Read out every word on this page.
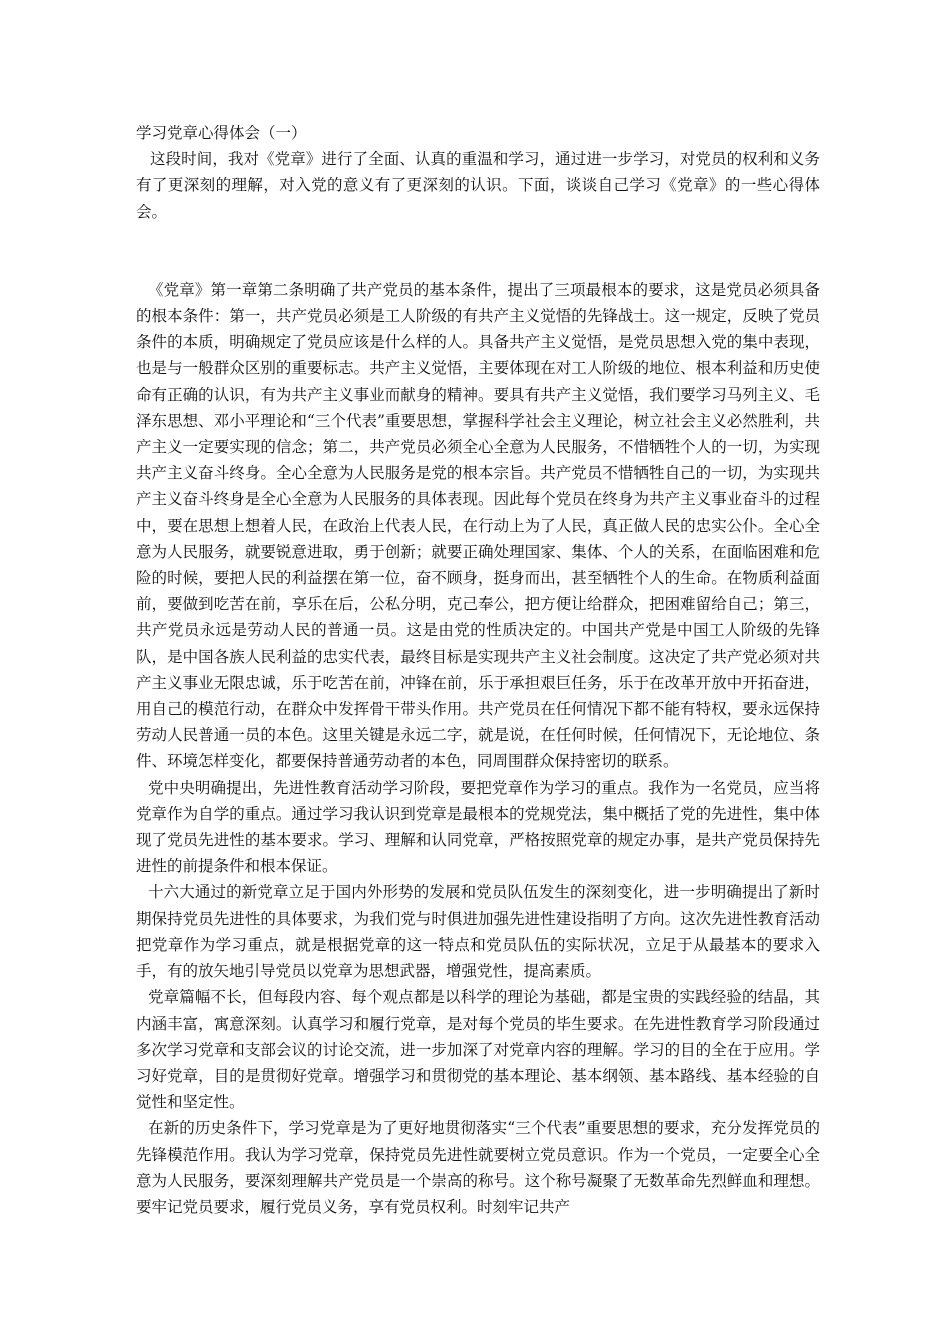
学习党章心得体会（一）

这段时间，我对《党章》进行了全面、认真的重温和学习，通过进一步学习，对党员的权利和义务有了更深刻的理解，对入党的意义有了更深刻的认识。下面，谈谈自己学习《党章》的一些心得体会。

《党章》第一章第二条明确了共产党员的基本条件，提出了三项最根本的要求，这是党员必须具备的根本条件：第一，共产党员必须是工人阶级的有共产主义觉悟的先锋战士。这一规定，反映了党员条件的本质，明确规定了党员应该是什么样的人。具备共产主义觉悟，是党员思想入党的集中表现，也是与一般群众区别的重要标志。共产主义觉悟，主要体现在对工人阶级的地位、根本利益和历史使命有正确的认识，有为共产主义事业而献身的精神。要具有共产主义觉悟，我们要学习马列主义、毛泽东思想、邓小平理论和“三个代表”重要思想，掌握科学社会主义理论，树立社会主义必然胜利，共产主义一定要实现的信念；第二，共产党员必须全心全意为人民服务，不惜牺牲个人的一切，为实现共产主义奋斗终身。全心全意为人民服务是党的根本宗旨。共产党员不惜牺牲自己的一切，为实现共产主义奋斗终身是全心全意为人民服务的具体表现。因此每个党员在终身为共产主义事业奋斗的过程中，要在思想上想着人民，在政治上代表人民，在行动上为了人民，真正做人民的忠实公仆。全心全意为人民服务，就要锐意进取，勇于创新；就要正确处理国家、集体、个人的关系，在面临困难和危险的时候，要把人民的利益摆在第一位，奋不顾身，挺身而出，甚至牺牲个人的生命。在物质利益面前，要做到吃苦在前，享乐在后，公私分明，克己奉公，把方便让给群众，把困难留给自己；第三，共产党员永远是劳动人民的普通一员。这是由党的性质决定的。中国共产党是中国工人阶级的先锋队，是中国各族人民利益的忠实代表，最终目标是实现共产主义社会制度。这决定了共产党必须对共产主义事业无限忠诚，乐于吃苦在前，冲锋在前，乐于承担艰巨任务，乐于在改革开放中开拓奋进，用自己的模范行动，在群众中发挥骨干带头作用。共产党员在任何情况下都不能有特权，要永远保持劳动人民普通一员的本色。这里关键是永远二字，就是说，在任何时候，任何情况下，无论地位、条件、环境怎样变化，都要保持普通劳动者的本色，同周围群众保持密切的联系。

党中央明确提出，先进性教育活动学习阶段，要把党章作为学习的重点。我作为一名党员，应当将党章作为自学的重点。通过学习我认识到党章是最根本的党规党法，集中概括了党的先进性，集中体现了党员先进性的基本要求。学习、理解和认同党章，严格按照党章的规定办事，是共产党员保持先进性的前提条件和根本保证。

十六大通过的新党章立足于国内外形势的发展和党员队伍发生的深刻变化，进一步明确提出了新时期保持党员先进性的具体要求，为我们党与时俱进加强先进性建设指明了方向。这次先进性教育活动把党章作为学习重点，就是根据党章的这一特点和党员队伍的实际状况，立足于从最基本的要求入手，有的放矢地引导党员以党章为思想武器，增强党性，提高素质。

党章篇幅不长，但每段内容、每个观点都是以科学的理论为基础，都是宝贵的实践经验的结晶，其内涵丰富，寓意深刻。认真学习和履行党章，是对每个党员的毕生要求。在先进性教育学习阶段通过多次学习党章和支部会议的讨论交流，进一步加深了对党章内容的理解。学习的目的全在于应用。学习好党章，目的是贯彻好党章。增强学习和贯彻党的基本理论、基本纲领、基本路线、基本经验的自觉性和坚定性。

在新的历史条件下，学习党章是为了更好地贯彻落实“三个代表”重要思想的要求，充分发挥党员的先锋模范作用。我认为学习党章，保持党员先进性就要树立党员意识。作为一个党员，一定要全心全意为人民服务，要深刻理解共产党员是一个崇高的称号。这个称号凝聚了无数革命先烈鲜血和理想。要牢记党员要求，履行党员义务，享有党员权利。时刻牢记共产
